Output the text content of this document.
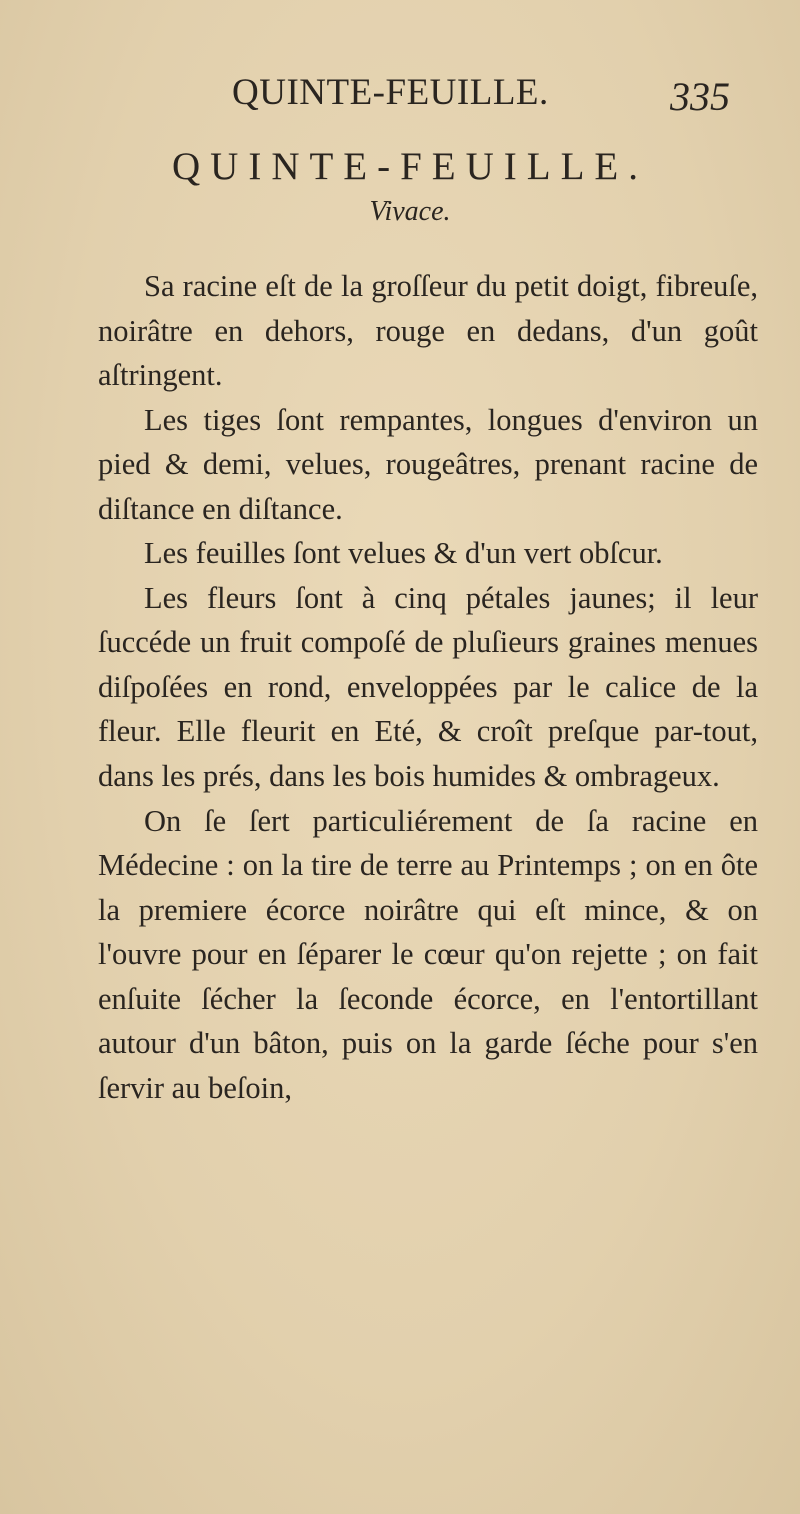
QUINTE-FEUILLE.	335
QUINTE-FEUILLE.
Vivace.

Sa racine eſt de la groſſeur du petit doigt, fibreuſe, noirâtre en dehors, rouge en dedans, d'un goût aſtringent.

Les tiges ſont rempantes, longues d'environ un pied & demi, velues, rougeâtres, prenant racine de diſtance en diſtance.

Les feuilles ſont velues & d'un vert obſcur.

Les fleurs ſont à cinq pétales jaunes; il leur ſuccéde un fruit compoſé de pluſieurs graines menues diſpoſées en rond, enveloppées par le calice de la fleur. Elle fleurit en Eté, & croît preſque par-tout, dans les prés, dans les bois humides & ombrageux.

On ſe ſert particuliérement de ſa racine en Médecine : on la tire de terre au Printemps ; on en ôte la premiere écorce noirâtre qui eſt mince, & on l'ouvre pour en ſéparer le cœur qu'on rejette ; on fait enſuite ſécher la ſeconde écorce, en l'entortillant autour d'un bâton, puis on la garde ſéche pour s'en ſervir au beſoin,
